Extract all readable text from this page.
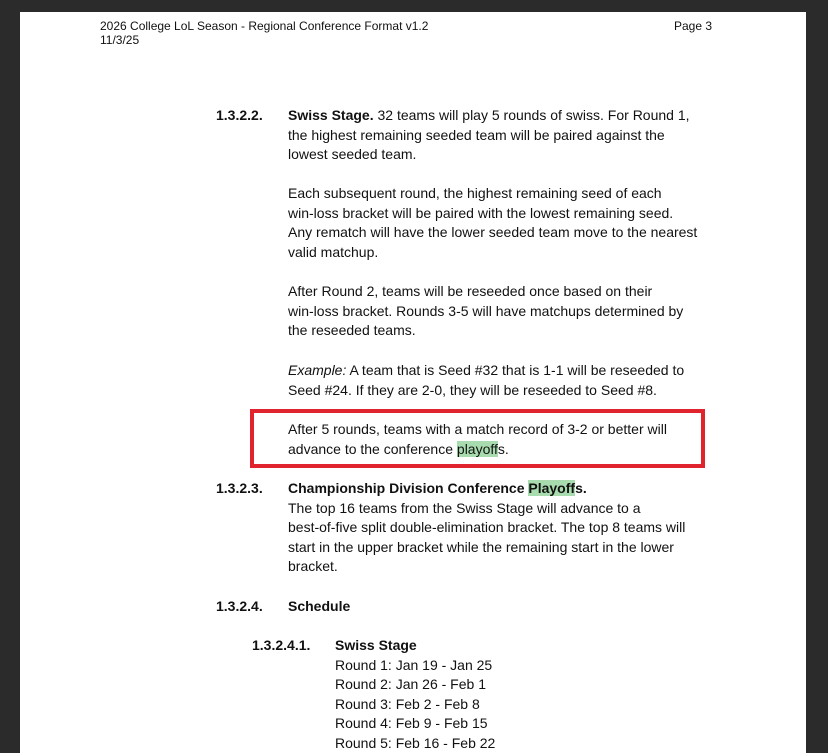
2026 College LoL Season - Regional Conference Format v1.2
11/3/25
Page 3
1.3.2.2. Swiss Stage. 32 teams will play 5 rounds of swiss. For Round 1,
the highest remaining seeded team will be paired against the
lowest seeded team.
Each subsequent round, the highest remaining seed of each
win-loss bracket will be paired with the lowest remaining seed.
Any rematch will have the lower seeded team move to the nearest
valid matchup.
After Round 2, teams will be reseeded once based on their
win-loss bracket. Rounds 3-5 will have matchups determined by
the reseeded teams.
Example: A team that is Seed #32 that is 1-1 will be reseeded to
Seed #24. If they are 2-0, they will be reseeded to Seed #8.
After 5 rounds, teams with a match record of 3-2 or better will
advance to the conference playoffs.
1.3.2.3. Championship Division Conference Playoffs.
The top 16 teams from the Swiss Stage will advance to a
best-of-five split double-elimination bracket. The top 8 teams will
start in the upper bracket while the remaining start in the lower
bracket.
1.3.2.4. Schedule
1.3.2.4.1. Swiss Stage
Round 1: Jan 19 - Jan 25
Round 2: Jan 26 - Feb 1
Round 3: Feb 2 - Feb 8
Round 4: Feb 9 - Feb 15
Round 5: Feb 16 - Feb 22
